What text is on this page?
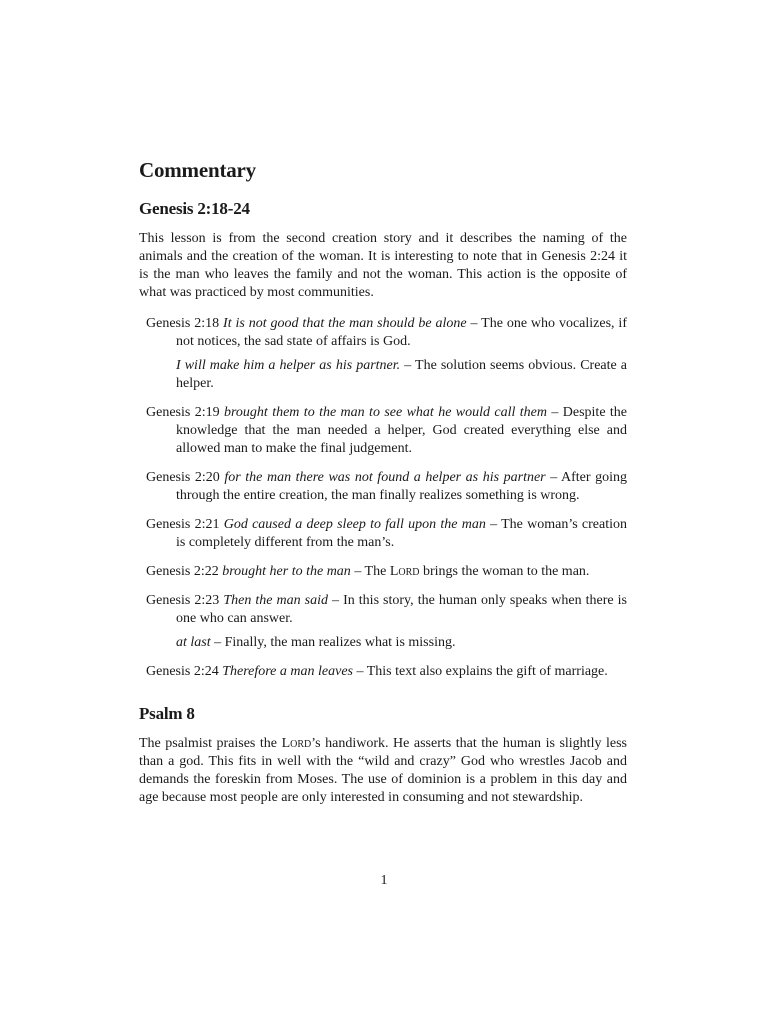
Commentary
Genesis 2:18-24

This lesson is from the second creation story and it describes the naming of the animals and the creation of the woman. It is interesting to note that in Genesis 2:24 it is the man who leaves the family and not the woman. This action is the opposite of what was practiced by most communities.

Genesis 2:18 It is not good that the man should be alone – The one who vocalizes, if not notices, the sad state of affairs is God.
I will make him a helper as his partner. – The solution seems obvious. Create a helper.
Genesis 2:19 brought them to the man to see what he would call them – Despite the knowledge that the man needed a helper, God created everything else and allowed man to make the final judgement.
Genesis 2:20 for the man there was not found a helper as his partner – After going through the entire creation, the man finally realizes something is wrong.
Genesis 2:21 God caused a deep sleep to fall upon the man – The woman’s creation is completely different from the man’s.
Genesis 2:22 brought her to the man – The Lord brings the woman to the man.
Genesis 2:23 Then the man said – In this story, the human only speaks when there is one who can answer.
at last – Finally, the man realizes what is missing.
Genesis 2:24 Therefore a man leaves – This text also explains the gift of marriage.
Psalm 8

The psalmist praises the Lord’s handiwork. He asserts that the human is slightly less than a god. This fits in well with the “wild and crazy” God who wrestles Jacob and demands the foreskin from Moses. The use of dominion is a problem in this day and age because most people are only interested in consuming and not stewardship.

1
